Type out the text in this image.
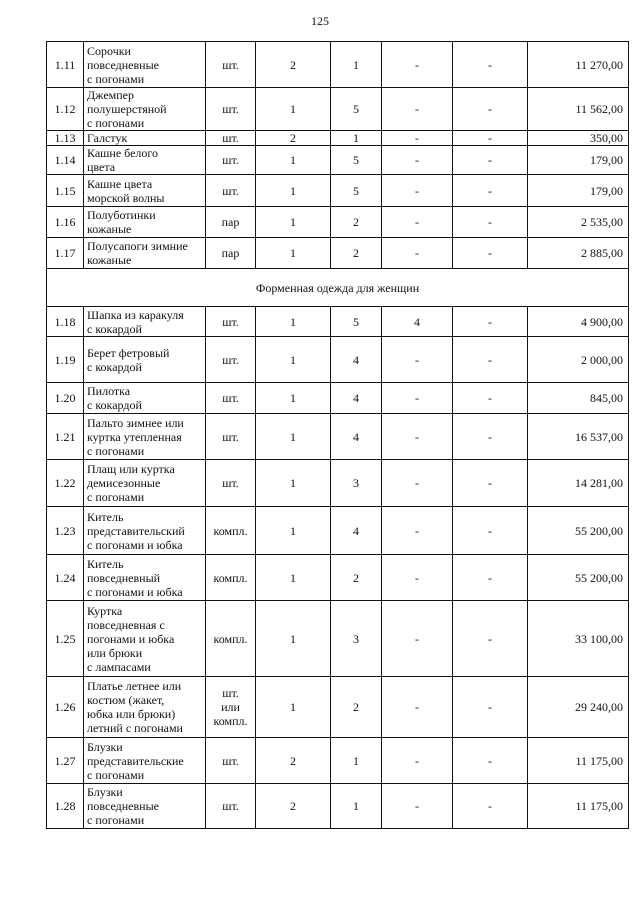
125
1.11	Сорочки
повседневные
с погонами	шт.	2	1	-	-	11 270,00
1.12	Джемпер
полушерстяной
с погонами	шт.	1	5	-	-	11 562,00
1.13	Галстук	шт.	2	1	-	-	350,00
1.14	Кашне белого
цвета	шт.	1	5	-	-	179,00
1.15	Кашне цвета
морской волны	шт.	1	5	-	-	179,00
1.16	Полуботинки
кожаные	пар	1	2	-	-	2 535,00
1.17	Полусапоги зимние
кожаные	пар	1	2	-	-	2 885,00
Форменная одежда для женщин							
1.18	Шапка из каракуля
с кокардой	шт.	1	5	4	-	4 900,00
1.19	Берет фетровый
с кокардой	шт.	1	4	-	-	2 000,00
1.20	Пилотка
с кокардой	шт.	1	4	-	-	845,00
1.21	Пальто зимнее или
куртка утепленная
с погонами	шт.	1	4	-	-	16 537,00
1.22	Плащ или куртка
демисезонные
с погонами	шт.	1	3	-	-	14 281,00
1.23	Китель
представительский
с погонами и юбка	компл.	1	4	-	-	55 200,00
1.24	Китель
повседневный
с погонами и юбка	компл.	1	2	-	-	55 200,00
1.25	Куртка
повседневная с
погонами и юбка
или брюки
с лампасами	компл.	1	3	-	-	33 100,00
1.26	Платье летнее или
костюм (жакет,
юбка или брюки)
летний с погонами	шт.
или
компл.	1	2	-	-	29 240,00
1.27	Блузки
представительские
с погонами	шт.	2	1	-	-	11 175,00
1.28	Блузки
повседневные
с погонами	шт.	2	1	-	-	11 175,00
